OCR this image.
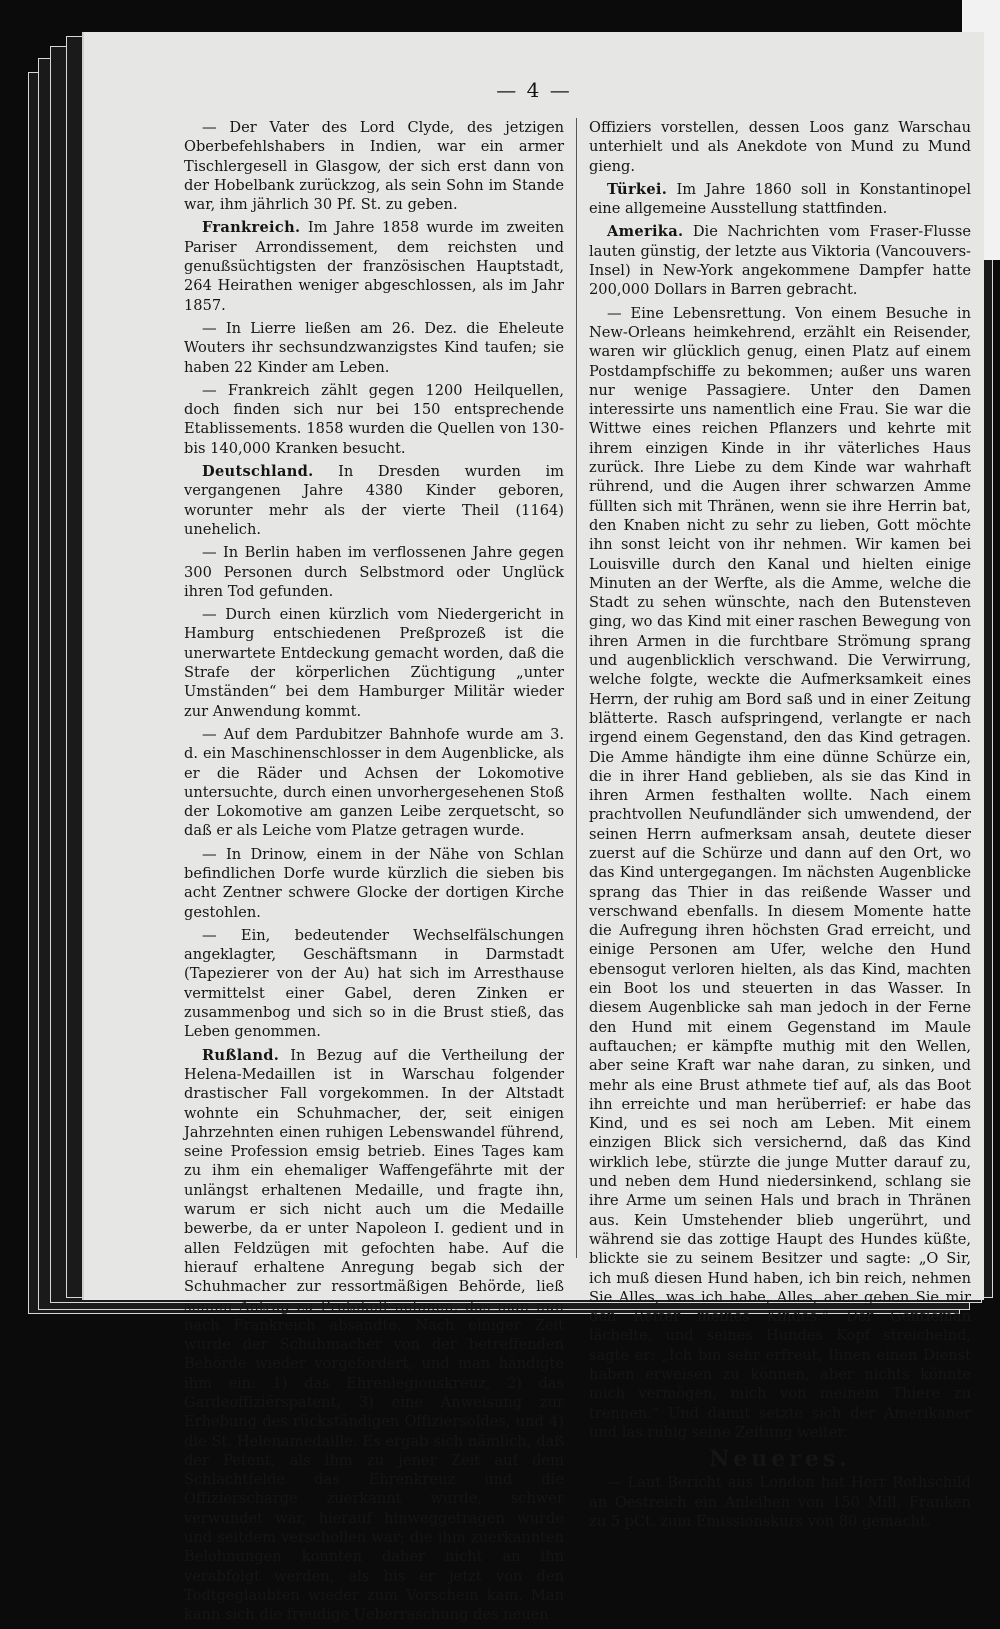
— 4 —

— Der Vater des Lord Clyde, des jetzigen Oberbefehlshabers in Indien, war ein armer Tischlergesell in Glasgow, der sich erst dann von der Hobelbank zurückzog, als sein Sohn im Stande war, ihm jährlich 30 Pf. St. zu geben.

Frankreich. Im Jahre 1858 wurde im zweiten Pariser Arrondissement, dem reichsten und genußsüchtigsten der französischen Hauptstadt, 264 Heirathen weniger abgeschlossen, als im Jahr 1857.

— In Lierre ließen am 26. Dez. die Eheleute Wouters ihr sechsundzwanzigstes Kind taufen; sie haben 22 Kinder am Leben.

— Frankreich zählt gegen 1200 Heilquellen, doch finden sich nur bei 150 entsprechende Etablissements. 1858 wurden die Quellen von 130- bis 140,000 Kranken besucht.

Deutschland. In Dresden wurden im vergangenen Jahre 4380 Kinder geboren, worunter mehr als der vierte Theil (1164) unehelich.

— In Berlin haben im verflossenen Jahre gegen 300 Personen durch Selbstmord oder Unglück ihren Tod gefunden.

— Durch einen kürzlich vom Niedergericht in Hamburg entschiedenen Preßprozeß ist die unerwartete Entdeckung gemacht worden, daß die Strafe der körperlichen Züchtigung „unter Umständen“ bei dem Hamburger Militär wieder zur Anwendung kommt.

— Auf dem Pardubitzer Bahnhofe wurde am 3. d. ein Maschinenschlosser in dem Augenblicke, als er die Räder und Achsen der Lokomotive untersuchte, durch einen unvorhergesehenen Stoß der Lokomotive am ganzen Leibe zerquetscht, so daß er als Leiche vom Platze getragen wurde.

— In Drinow, einem in der Nähe von Schlan befindlichen Dorfe wurde kürzlich die sieben bis acht Zentner schwere Glocke der dortigen Kirche gestohlen.

— Ein, bedeutender Wechselfälschungen angeklagter, Geschäftsmann in Darmstadt (Tapezierer von der Au) hat sich im Arresthause vermittelst einer Gabel, deren Zinken er zusammenbog und sich so in die Brust stieß, das Leben genommen.

Rußland. In Bezug auf die Vertheilung der Helena-Medaillen ist in Warschau folgender drastischer Fall vorgekommen. In der Altstadt wohnte ein Schuhmacher, der, seit einigen Jahrzehnten einen ruhigen Lebenswandel führend, seine Profession emsig betrieb. Eines Tages kam zu ihm ein ehemaliger Waffengefährte mit der unlängst erhaltenen Medaille, und fragte ihn, warum er sich nicht auch um die Medaille bewerbe, da er unter Napoleon I. gedient und in allen Feldzügen mit gefochten habe. Auf die hierauf erhaltene Anregung begab sich der Schuhmacher zur ressortmäßigen Behörde, ließ seinen Antrag zu Protokoll nehmen, das man nun nach Frankreich absandte. Nach einiger Zeit wurde der Schuhmacher von der betreffenden Behörde wieder vorgefordert, und man händigte ihm ein: 1) das Ehrenlegionskreuz, 2) das Gardeoffiziérspatent, 3) eine Anweisung zur Erhebung des rückständigen Offiziersoldes, und 4) die St. Helenamedaille. Es ergab sich nämlich, daß der Petent, als ihm zu jener Zeit auf dem Schlachtfelde das Ehrenkreuz und die Offizierscharge zuerkannt wurde, schwer verwundet war, hierauf hinweggetragen wurde und seitdem verschollen war; die ihm zuerkannten Belohnungen konnten daher nicht an ihn verabfolgt werden, als bis er jetzt von den Todtgeglaubten wieder zum Vorschein kam. Man kann sich die freudige Ueberraschung des neuen

Offiziers vorstellen, dessen Loos ganz Warschau unterhielt und als Anekdote von Mund zu Mund gieng.

Türkei. Im Jahre 1860 soll in Konstantinopel eine allgemeine Ausstellung stattfinden.

Amerika. Die Nachrichten vom Fraser-Flusse lauten günstig, der letzte aus Viktoria (Vancouvers-Insel) in New-York angekommene Dampfer hatte 200,000 Dollars in Barren gebracht.

— Eine Lebensrettung. Von einem Besuche in New-Orleans heimkehrend, erzählt ein Reisender, waren wir glücklich genug, einen Platz auf einem Postdampfschiffe zu bekommen; außer uns waren nur wenige Passagiere. Unter den Damen interessirte uns namentlich eine Frau. Sie war die Wittwe eines reichen Pflanzers und kehrte mit ihrem einzigen Kinde in ihr väterliches Haus zurück. Ihre Liebe zu dem Kinde war wahrhaft rührend, und die Augen ihrer schwarzen Amme füllten sich mit Thränen, wenn sie ihre Herrin bat, den Knaben nicht zu sehr zu lieben, Gott möchte ihn sonst leicht von ihr nehmen. Wir kamen bei Louisville durch den Kanal und hielten einige Minuten an der Werfte, als die Amme, welche die Stadt zu sehen wünschte, nach den Butensteven ging, wo das Kind mit einer raschen Bewegung von ihren Armen in die furchtbare Strömung sprang und augenblicklich verschwand. Die Verwirrung, welche folgte, weckte die Aufmerksamkeit eines Herrn, der ruhig am Bord saß und in einer Zeitung blätterte. Rasch aufspringend, verlangte er nach irgend einem Gegenstand, den das Kind getragen. Die Amme händigte ihm eine dünne Schürze ein, die in ihrer Hand geblieben, als sie das Kind in ihren Armen festhalten wollte. Nach einem prachtvollen Neufundländer sich umwendend, der seinen Herrn aufmerksam ansah, deutete dieser zuerst auf die Schürze und dann auf den Ort, wo das Kind untergegangen. Im nächsten Augenblicke sprang das Thier in das reißende Wasser und verschwand ebenfalls. In diesem Momente hatte die Aufregung ihren höchsten Grad erreicht, und einige Personen am Ufer, welche den Hund ebensogut verloren hielten, als das Kind, machten ein Boot los und steuerten in das Wasser. In diesem Augenblicke sah man jedoch in der Ferne den Hund mit einem Gegenstand im Maule auftauchen; er kämpfte muthig mit den Wellen, aber seine Kraft war nahe daran, zu sinken, und mehr als eine Brust athmete tief auf, als das Boot ihn erreichte und man herüberrief: er habe das Kind, und es sei noch am Leben. Mit einem einzigen Blick sich versichernd, daß das Kind wirklich lebe, stürzte die junge Mutter darauf zu, und neben dem Hund niedersinkend, schlang sie ihre Arme um seinen Hals und brach in Thränen aus. Kein Umstehender blieb ungerührt, und während sie das zottige Haupt des Hundes küßte, blickte sie zu seinem Besitzer und sagte: „O Sir, ich muß diesen Hund haben, ich bin reich, nehmen Sie Alles, was ich habe, Alles, aber geben Sie mir den Retter meines Kindes.“ Der Gentleman lächelte, und seines Hundes Kopf streichelnd, sagte er: „Ich bin sehr erfreut, Ihnen einen Dienst haben erweisen zu können, aber nichts könnte mich vermögen, mich von meinem Thiere zu trennen.“ Und damit setzte sich der Amerikaner und las ruhig seine Zeitung weiter.

Neueres.

— Laut Bericht aus London hat Herr Rothschild an Oestreich ein Anleihen von 150 Mill. Franken zu 5 pCt. zum Emissionskurs von 80 gemacht.
